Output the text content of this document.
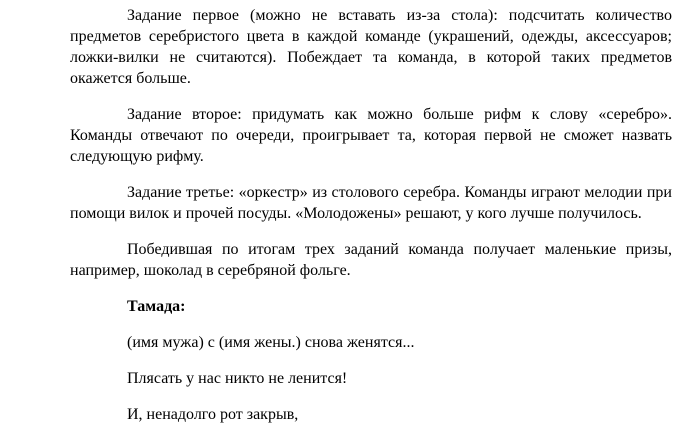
Задание первое (можно не вставать из-за стола): подсчитать количество предметов серебристого цвета в каждой команде (украшений, одежды, аксессуаров; ложки-вилки не считаются). Побеждает та команда, в которой таких предметов окажется больше.

Задание второе: придумать как можно больше рифм к слову «серебро». Команды отвечают по очереди, проигрывает та, которая первой не сможет назвать следующую рифму.

Задание третье: «оркестр» из столового серебра. Команды играют мелодии при помощи вилок и прочей посуды. «Молодожены» решают, у кого лучше получилось.

Победившая по итогам трех заданий команда получает маленькие призы, например, шоколад в серебряной фольге.

Тамада:

(имя мужа) с (имя жены.) снова женятся...

Плясать у нас никто не ленится!

И, ненадолго рот закрыв,
